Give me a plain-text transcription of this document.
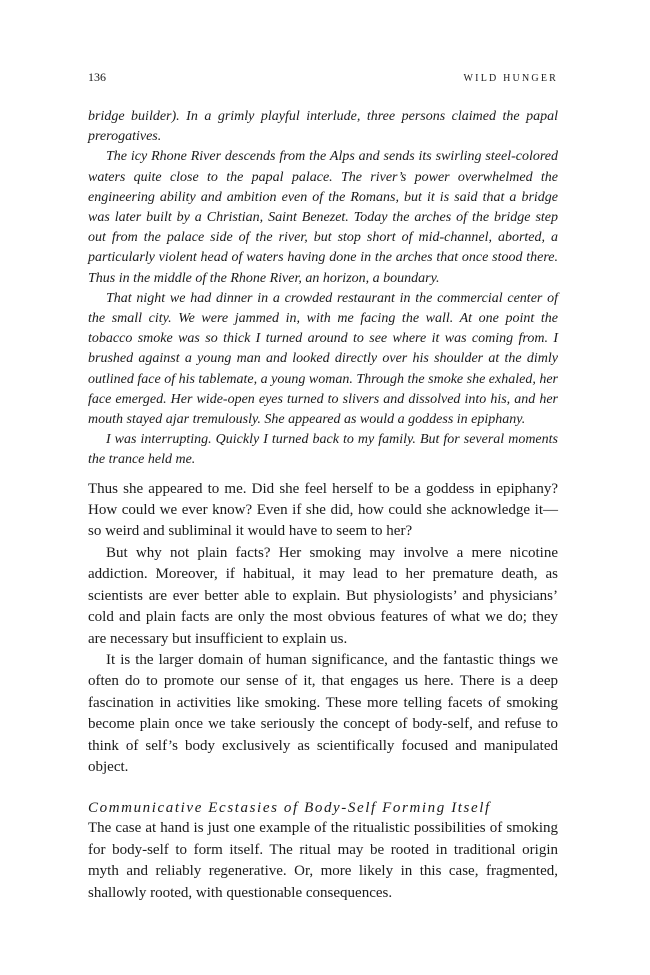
136	WILD HUNGER

bridge builder). In a grimly playful interlude, three persons claimed the papal prerogatives.

The icy Rhone River descends from the Alps and sends its swirling steel-colored waters quite close to the papal palace. The river’s power overwhelmed the engineering ability and ambition even of the Romans, but it is said that a bridge was later built by a Christian, Saint Benezet. Today the arches of the bridge step out from the palace side of the river, but stop short of mid-channel, aborted, a particularly violent head of waters having done in the arches that once stood there. Thus in the middle of the Rhone River, an horizon, a boundary.

That night we had dinner in a crowded restaurant in the commercial center of the small city. We were jammed in, with me facing the wall. At one point the tobacco smoke was so thick I turned around to see where it was coming from. I brushed against a young man and looked directly over his shoulder at the dimly outlined face of his tablemate, a young woman. Through the smoke she exhaled, her face emerged. Her wide-open eyes turned to slivers and dissolved into his, and her mouth stayed ajar tremulously. She appeared as would a goddess in epiphany.

I was interrupting. Quickly I turned back to my family. But for several moments the trance held me.

Thus she appeared to me. Did she feel herself to be a goddess in epiphany? How could we ever know? Even if she did, how could she acknowledge it—so weird and subliminal it would have to seem to her?

But why not plain facts? Her smoking may involve a mere nicotine addiction. Moreover, if habitual, it may lead to her premature death, as scientists are ever better able to explain. But physiologists’ and physicians’ cold and plain facts are only the most obvious features of what we do; they are necessary but insufficient to explain us.

It is the larger domain of human significance, and the fantastic things we often do to promote our sense of it, that engages us here. There is a deep fascination in activities like smoking. These more telling facets of smoking become plain once we take seriously the concept of body-self, and refuse to think of self’s body exclusively as scientifically focused and manipulated object.

Communicative Ecstasies of Body-Self Forming Itself

The case at hand is just one example of the ritualistic possibilities of smoking for body-self to form itself. The ritual may be rooted in traditional origin myth and reliably regenerative. Or, more likely in this case, fragmented, shallowly rooted, with questionable consequences.
